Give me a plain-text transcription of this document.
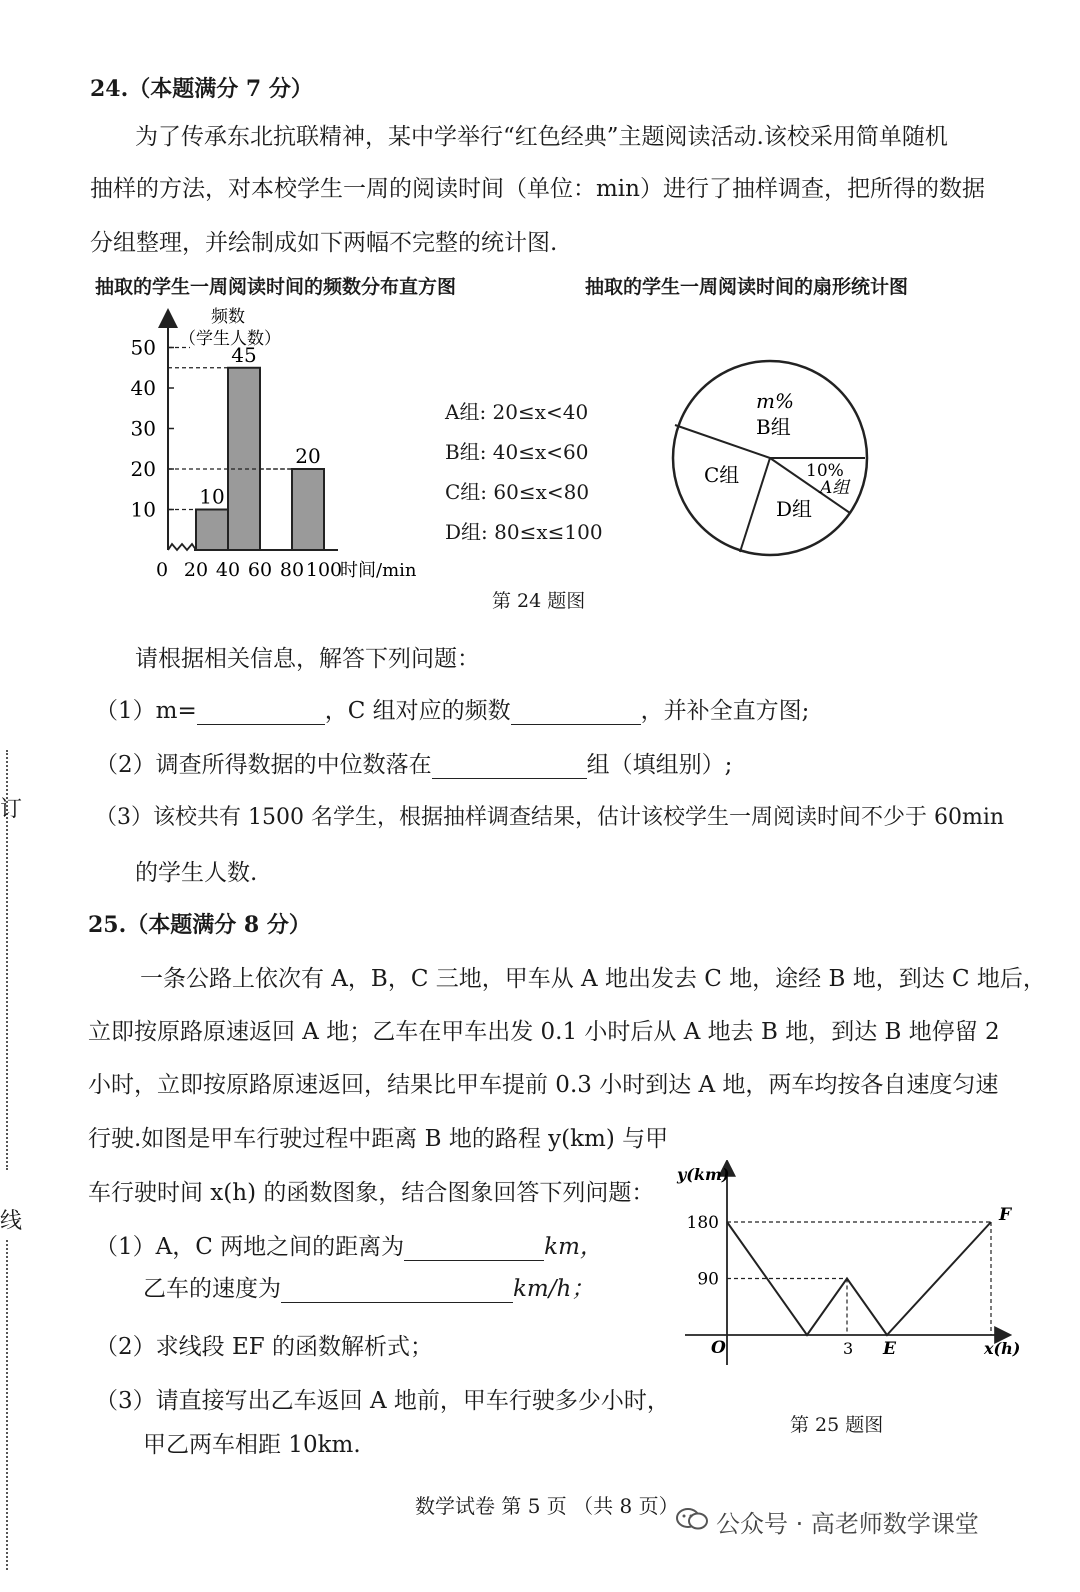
24.（本题满分 7 分）
为了传承东北抗联精神，某中学举行“红色经典”主题阅读活动.该校采用简单随机
抽样的方法，对本校学生一周的阅读时间（单位：min）进行了抽样调查，把所得的数据
分组整理，并绘制成如下两幅不完整的统计图.
抽取的学生一周阅读时间的频数分布直方图	抽取的学生一周阅读时间的扇形统计图
10
20
30
40
50
0 20 40 60 80 100
时间/min
频数
（学生人数）
10
45
20
A组: 20≤x<40
B组: 40≤x<60
C组: 60≤x<80
D组: 80≤x≤100
m%
B组
C组
D组
10%
A组
第 24 题图
请根据相关信息，解答下列问题：
（1）m=	，C 组对应的频数	，并补全直方图;
（2）调查所得数据的中位数落在	组（填组别）;
（3）该校共有 1500 名学生，根据抽样调查结果，估计该校学生一周阅读时间不少于 60min
的学生人数.
25.（本题满分 8 分）
一条公路上依次有 A，B，C 三地，甲车从 A 地出发去 C 地，途经 B 地，到达 C 地后，
立即按原路原速返回 A 地；乙车在甲车出发 0.1 小时后从 A 地去 B 地，到达 B 地停留 2
小时，立即按原路原速返回，结果比甲车提前 0.3 小时到达 A 地，两车均按各自速度匀速
行驶.如图是甲车行驶过程中距离 B 地的路程 y(km) 与甲
车行驶时间 x(h) 的函数图象，结合图象回答下列问题：
（1）A，C 两地之间的距离为	km，
乙车的速度为	km/h；
（2）求线段 EF 的函数解析式；
（3）请直接写出乙车返回 A 地前，甲车行驶多少小时，
甲乙两车相距 10km.
y(km)
x(h)
180
90
O	3 E
F
第 25 题图
订
线
数学试卷 第 5 页 （共 8 页）
公众号 · 高老师数学课堂
